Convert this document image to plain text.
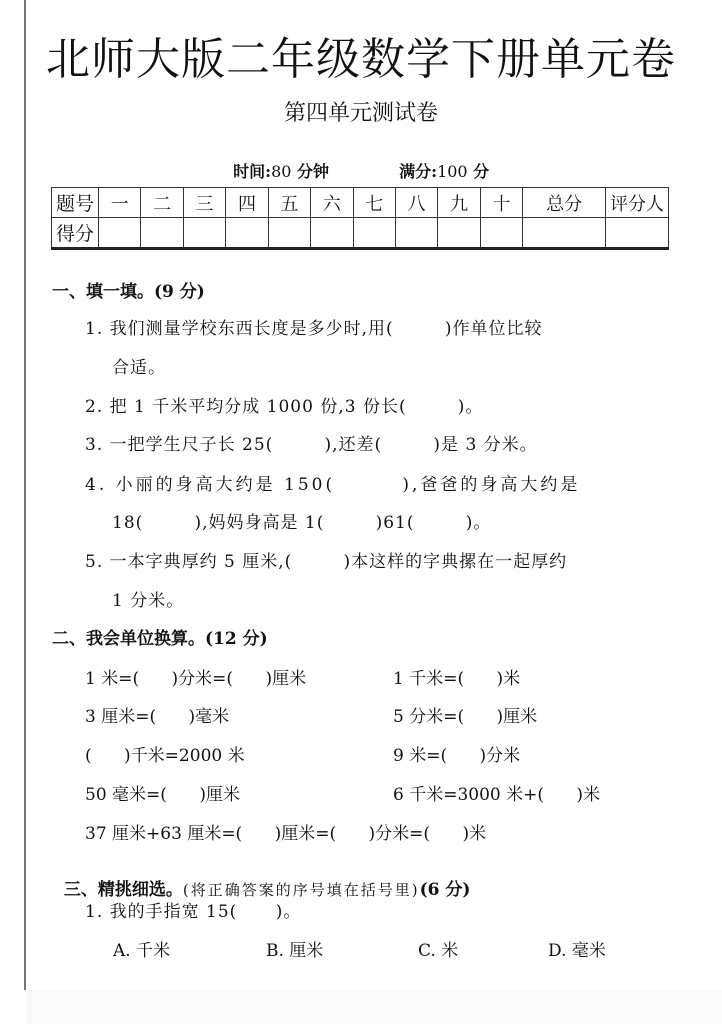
北师大版二年级数学下册单元卷
第四单元测试卷

时间:80 分钟	满分:100 分

题号	一	二	三	四	五	六	七	八	九	十	总分	评分人
得分												
一、填一填。(9 分)
1. 我们测量学校东西长度是多少时,用(        )作单位比较
合适。
2. 把 1 千米平均分成 1000 份,3 份长(        )。
3. 一把学生尺子长 25(        ),还差(        )是 3 分米。
4. 小丽的身高大约是 150(        ),爸爸的身高大约是
18(        ),妈妈身高是 1(        )61(        )。
5. 一本字典厚约 5 厘米,(        )本这样的字典摞在一起厚约
1 分米。
二、我会单位换算。(12 分)
1 米=(      )分米=(      )厘米	1 千米=(      )米
3 厘米=(      )毫米	5 分米=(      )厘米
(      )千米=2000 米	9 米=(      )分米
50 毫米=(      )厘米	6 千米=3000 米+(      )米
37 厘米+63 厘米=(      )厘米=(      )分米=(      )米

三、精挑细选。(将正确答案的序号填在括号里)(6 分)

1. 我的手指宽 15(      )。
A. 千米	B. 厘米	C. 米	D. 毫米
